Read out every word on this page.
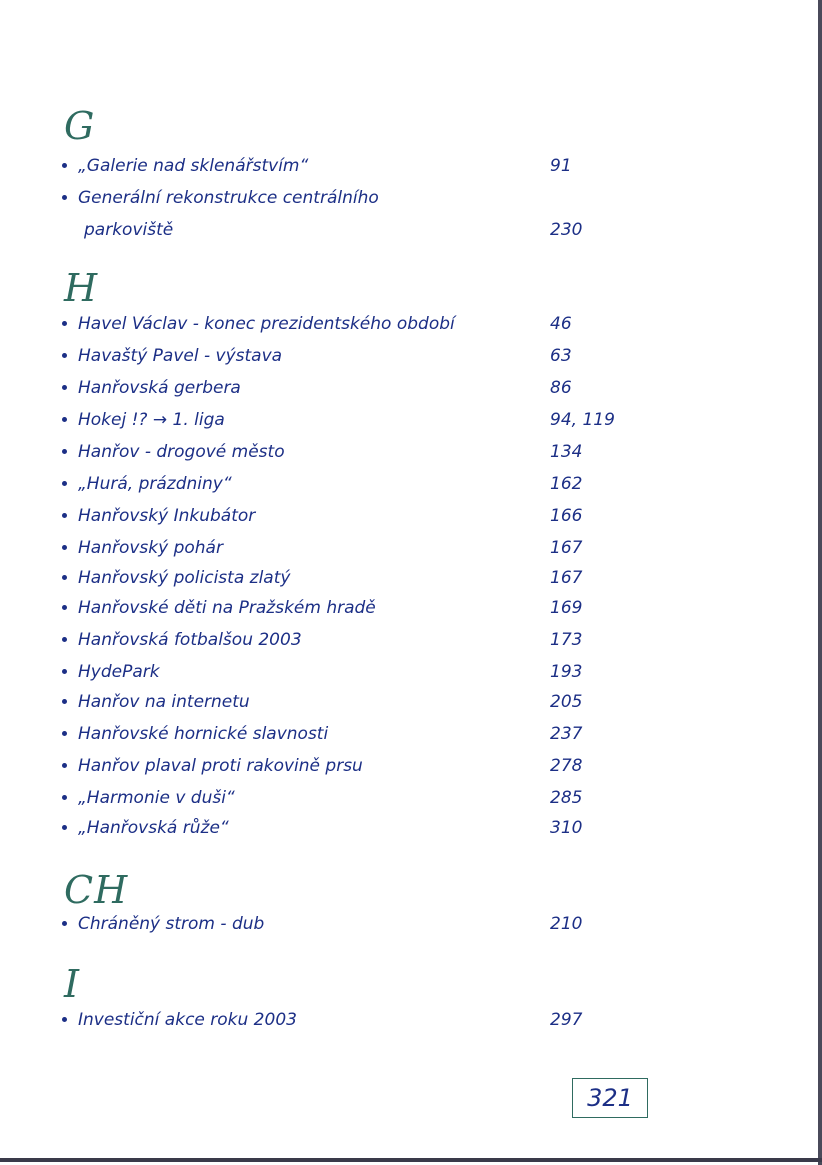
G
„Galerie nad sklenářstvím“	91
Generální rekonstrukce centrálního
parkoviště	230
H
Havel Václav - konec prezidentského období	46
Havaštý Pavel - výstava	63
Hanřovská gerbera	86
Hokej !? → 1. liga	94, 119
Hanřov - drogové město	134
„Hurá, prázdniny“	162
Hanřovský Inkubátor	166
Hanřovský pohár	167
Hanřovský policista zlatý	167
Hanřovské děti na Pražském hradě	169
Hanřovská fotbalšou 2003	173
HydePark	193
Hanřov na internetu	205
Hanřovské hornické slavnosti	237
Hanřov plaval proti rakovině prsu	278
„Harmonie v duši“	285
„Hanřovská růže“	310
CH
Chráněný strom - dub	210
I
Investiční akce roku 2003	297
321
